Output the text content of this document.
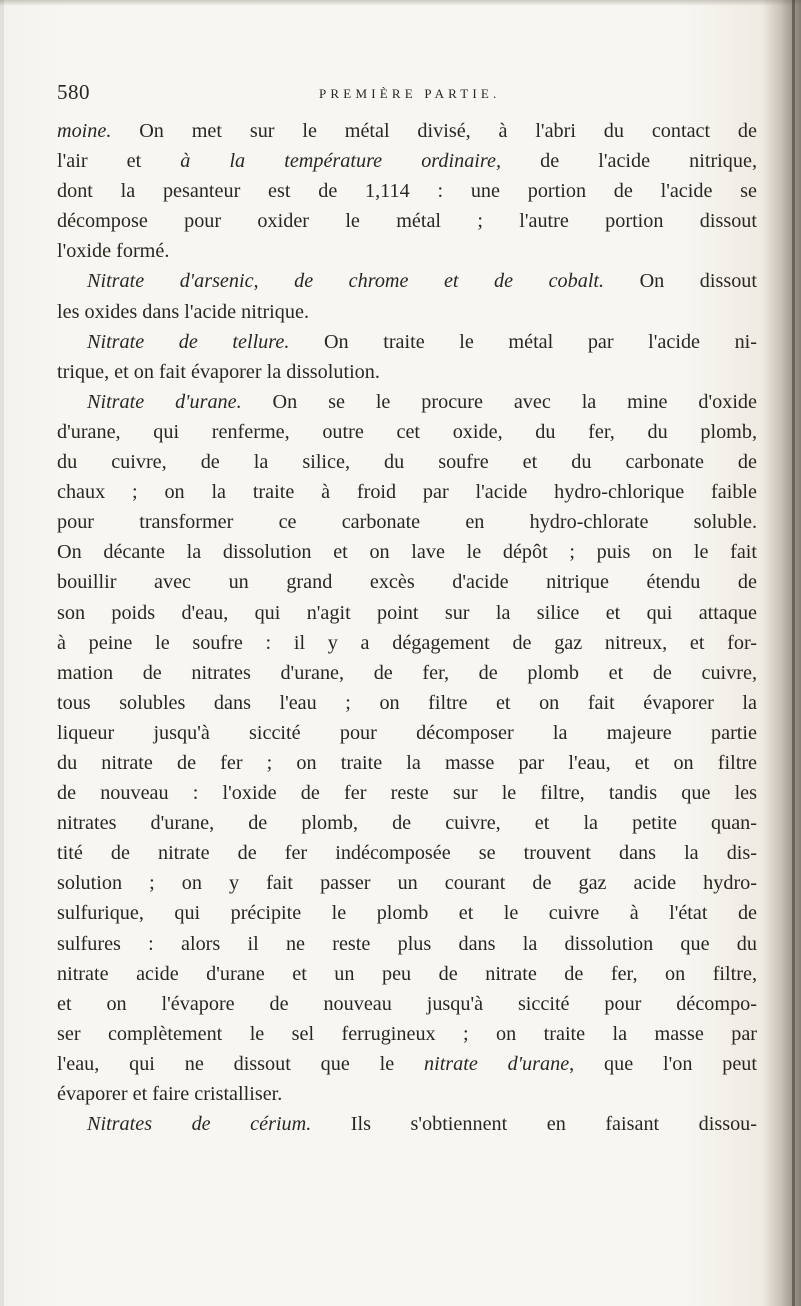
580	PREMIÈRE PARTIE.
moine. On met sur le métal divisé, à l'abri du contact de
l'air et à la température ordinaire, de l'acide nitrique,
dont la pesanteur est de 1,114 : une portion de l'acide se
décompose pour oxider le métal ; l'autre portion dissout
l'oxide formé.
Nitrate d'arsenic, de chrome et de cobalt. On dissout
les oxides dans l'acide nitrique.
Nitrate de tellure. On traite le métal par l'acide ni-
trique, et on fait évaporer la dissolution.
Nitrate d'urane. On se le procure avec la mine d'oxide
d'urane, qui renferme, outre cet oxide, du fer, du plomb,
du cuivre, de la silice, du soufre et du carbonate de
chaux ; on la traite à froid par l'acide hydro-chlorique faible
pour transformer ce carbonate en hydro-chlorate soluble.
On décante la dissolution et on lave le dépôt ; puis on le fait
bouillir avec un grand excès d'acide nitrique étendu de
son poids d'eau, qui n'agit point sur la silice et qui attaque
à peine le soufre : il y a dégagement de gaz nitreux, et for-
mation de nitrates d'urane, de fer, de plomb et de cuivre,
tous solubles dans l'eau ; on filtre et on fait évaporer la
liqueur jusqu'à siccité pour décomposer la majeure partie
du nitrate de fer ; on traite la masse par l'eau, et on filtre
de nouveau : l'oxide de fer reste sur le filtre, tandis que les
nitrates d'urane, de plomb, de cuivre, et la petite quan-
tité de nitrate de fer indécomposée se trouvent dans la dis-
solution ; on y fait passer un courant de gaz acide hydro-
sulfurique, qui précipite le plomb et le cuivre à l'état de
sulfures : alors il ne reste plus dans la dissolution que du
nitrate acide d'urane et un peu de nitrate de fer, on filtre,
et on l'évapore de nouveau jusqu'à siccité pour décompo-
ser complètement le sel ferrugineux ; on traite la masse par
l'eau, qui ne dissout que le nitrate d'urane, que l'on peut
évaporer et faire cristalliser.
Nitrates de cérium. Ils s'obtiennent en faisant dissou-
